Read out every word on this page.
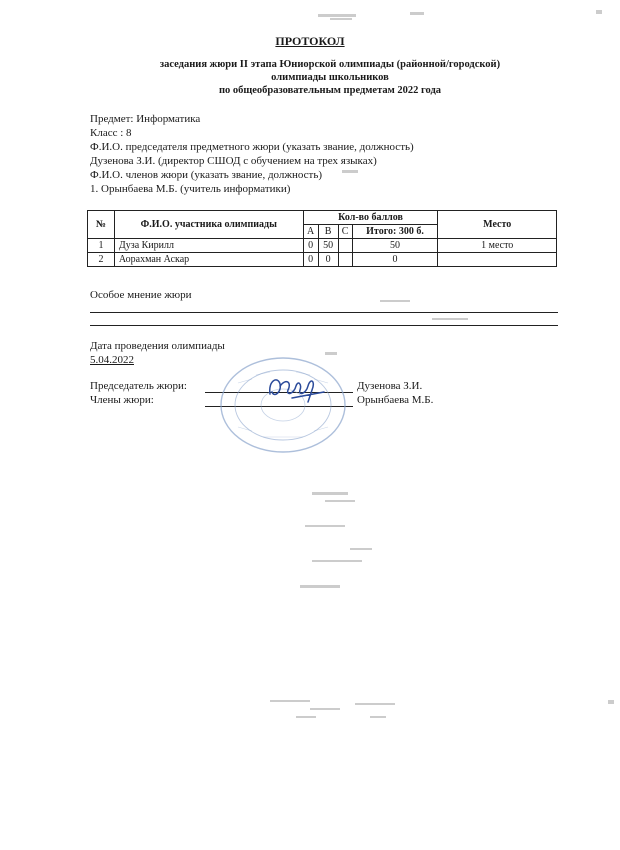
ПРОТОКОЛ
заседания жюри II этапа Юниорской олимпиады (районной/городской)
олимпиады школьников
по общеобразовательным предметам 2022 года
Предмет: Информатика
Класс : 8
Ф.И.О. председателя предметного жюри (указать звание, должность)
Дузенова З.И. (директор СШОД с обучением на трех языках)
Ф.И.О. членов жюри (указать звание, должность)
1. Орынбаева М.Б. (учитель информатики)
№	Ф.И.О. участника олимпиады	Кол-во баллов				Место
		A	B	C	Итого: 300 б.	
1	Дуза Кирилл	0	50		50	1 место
2	Аорахман Аскар	0	0		0	
Особое мнение жюри
Дата проведения олимпиады
5.04.2022
Председатель жюри:	Дузенова З.И.
Члены жюри:	Орынбаева М.Б.
